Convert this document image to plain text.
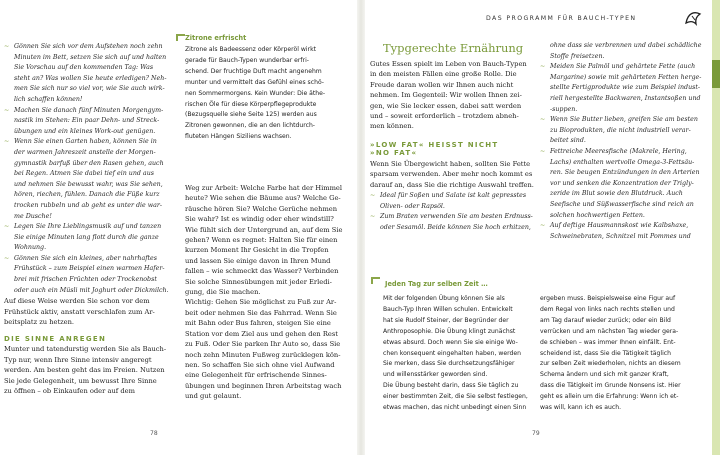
~ Gönnen Sie sich vor dem Aufstehen noch zehn
Minuten im Bett, setzen Sie sich auf und halten
Sie Vorschau auf den kommenden Tag: Was
steht an? Was wollen Sie heute erledigen? Neh-
men Sie sich nur so viel vor, wie Sie auch wirk-
lich schaffen können!
~ Machen Sie danach fünf Minuten Morgengym-
nastik im Stehen: Ein paar Dehn- und Streck-
übungen und ein kleines Work-out genügen.
~ Wenn Sie einen Garten haben, können Sie in
der warmen Jahreszeit anstelle der Morgen-
gymnastik barfuß über den Rasen gehen, auch
bei Regen. Atmen Sie dabei tief ein und aus
und nehmen Sie bewusst wahr, was Sie sehen,
hören, riechen, fühlen. Danach die Füße kurz
trocken rubbeln und ab geht es unter die war-
me Dusche!
~ Legen Sie Ihre Lieblingsmusik auf und tanzen
Sie einige Minuten lang flott durch die ganze
Wohnung.
~ Gönnen Sie sich ein kleines, aber nahrhaftes
Frühstück – zum Beispiel einen warmen Hafer-
brei mit frischen Früchten oder Trockenobst
oder auch ein Müsli mit Joghurt oder Dickmilch.
Auf diese Weise werden Sie schon vor dem
Frühstück aktiv, anstatt verschlafen zum Ar-
beitsplatz zu hetzen.
DIE SINNE ANREGEN
Munter und tatendurstig werden Sie als Bauch-
Typ nur, wenn Ihre Sinne intensiv angeregt
werden. Am besten geht das im Freien. Nutzen
Sie jede Gelegenheit, um bewusst Ihre Sinne
zu öffnen – ob Einkaufen oder auf dem
Zitrone erfrischt
Zitrone als Badeessenz oder Körperöl wirkt
gerade für Bauch-Typen wunderbar erfri-
schend. Der fruchtige Duft macht angenehm
munter und vermittelt das Gefühl eines schö-
nen Sommermorgens. Kein Wunder: Die äthe-
rischen Öle für diese Körperpflegeprodukte
(Bezugsquelle siehe Seite 125) werden aus
Zitronen gewonnen, die an den lichtdurch-
fluteten Hängen Siziliens wachsen.
Weg zur Arbeit: Welche Farbe hat der Himmel
heute? Wie sehen die Bäume aus? Welche Ge-
räusche hören Sie? Welche Gerüche nehmen
Sie wahr? Ist es windig oder eher windstill?
Wie fühlt sich der Untergrund an, auf dem Sie
gehen? Wenn es regnet: Halten Sie für einen
kurzen Moment Ihr Gesicht in die Tropfen
und lassen Sie einige davon in Ihren Mund
fallen – wie schmeckt das Wasser? Verbinden
Sie solche Sinnesübungen mit jeder Erledi-
gung, die Sie machen.
Wichtig: Gehen Sie möglichst zu Fuß zur Ar-
beit oder nehmen Sie das Fahrrad. Wenn Sie
mit Bahn oder Bus fahren, steigen Sie eine
Station vor dem Ziel aus und gehen den Rest
zu Fuß. Oder Sie parken Ihr Auto so, dass Sie
noch zehn Minuten Fußweg zurücklegen kön-
nen. So schaffen Sie sich ohne viel Aufwand
eine Gelegenheit für erfrischende Sinnes-
übungen und beginnen Ihren Arbeitstag wach
und gut gelaunt.
78
DAS PROGRAMM FÜR BAUCH-TYPEN
Typgerechte Ernährung
Gutes Essen spielt im Leben von Bauch-Typen
in den meisten Fällen eine große Rolle. Die
Freude daran wollen wir Ihnen auch nicht
nehmen. Im Gegenteil: Wir wollen Ihnen zei-
gen, wie Sie lecker essen, dabei satt werden
und – soweit erforderlich – trotzdem abneh-
men können.
»LOW FAT« HEISST NICHT
»NO FAT«
Wenn Sie Übergewicht haben, sollten Sie Fette
sparsam verwenden. Aber mehr noch kommt es
darauf an, dass Sie die richtige Auswahl treffen.
~ Ideal für Soßen und Salate ist kalt gepresstes
Oliven- oder Rapsöl.
~ Zum Braten verwenden Sie am besten Erdnuss-
oder Sesamöl. Beide können Sie hoch erhitzen,
ohne dass sie verbrennen und dabei schädliche
Stoffe freisetzen.
~ Meiden Sie Palmöl und gehärtete Fette (auch
Margarine) sowie mit gehärteten Fetten herge-
stellte Fertigprodukte wie zum Beispiel indust-
riell hergestellte Backwaren, Instantsoßen und
-suppen.
~ Wenn Sie Butter lieben, greifen Sie am besten
zu Bioprodukten, die nicht industriell verar-
beitet sind.
~ Fettreiche Meeresfische (Makrele, Hering,
Lachs) enthalten wertvolle Omega-3-Fettsäu-
ren. Sie beugen Entzündungen in den Arterien
vor und senken die Konzentration der Trigly-
zeride im Blut sowie den Blutdruck. Auch
Seefische und Süßwasserfische sind reich an
solchen hochwertigen Fetten.
~ Auf deftige Hausmannskost wie Kalbshaxe,
Schweinebraten, Schnitzel mit Pommes und
Jeden Tag zur selben Zeit …
Mit der folgenden Übung können Sie als
Bauch-Typ Ihren Willen schulen. Entwickelt
hat sie Rudolf Steiner, der Begründer der
Anthroposophie. Die Übung klingt zunächst
etwas absurd. Doch wenn Sie sie einige Wo-
chen konsequent eingehalten haben, werden
Sie merken, dass Sie durchsetzungsfähiger
und willensstärker geworden sind.
Die Übung besteht darin, dass Sie täglich zu
einer bestimmten Zeit, die Sie selbst festlegen,
etwas machen, das nicht unbedingt einen Sinn
ergeben muss. Beispielsweise eine Figur auf
dem Regal von links nach rechts stellen und
am Tag darauf wieder zurück; oder ein Bild
verrücken und am nächsten Tag wieder gera-
de schieben – was immer Ihnen einfällt. Ent-
scheidend ist, dass Sie die Tätigkeit täglich
zur selben Zeit wiederholen, nichts an diesem
Schema ändern und sich mit ganzer Kraft,
dass die Tätigkeit im Grunde Nonsens ist. Hier
geht es allein um die Erfahrung: Wenn ich et-
was will, kann ich es auch.
79
